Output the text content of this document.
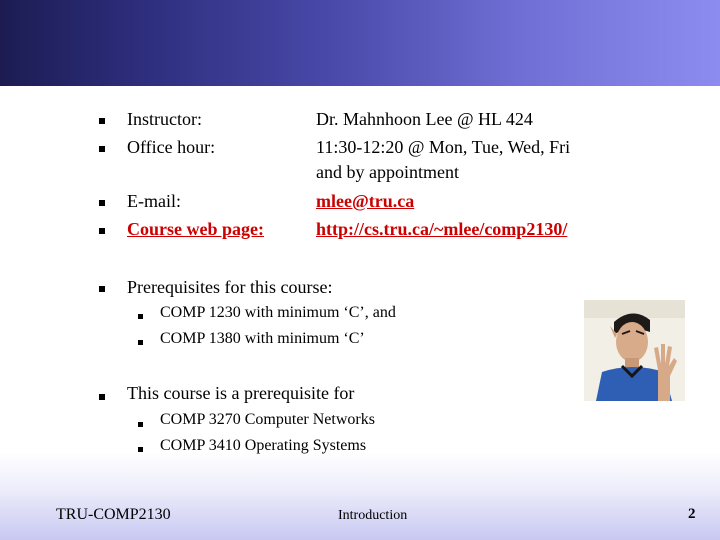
Instructor:	Dr. Mahnhoon Lee @ HL 424
Office hour:	11:30-12:20 @ Mon, Tue, Wed, Fri
and by appointment
E-mail:	mlee@tru.ca
Course web page:	http://cs.tru.ca/~mlee/comp2130/
Prerequisites for this course:
COMP 1230 with minimum ‘C’, and
COMP 1380 with minimum ‘C’
This course is a prerequisite for
COMP 3270 Computer Networks
COMP 3410 Operating Systems
TRU-COMP2130	Introduction	2
